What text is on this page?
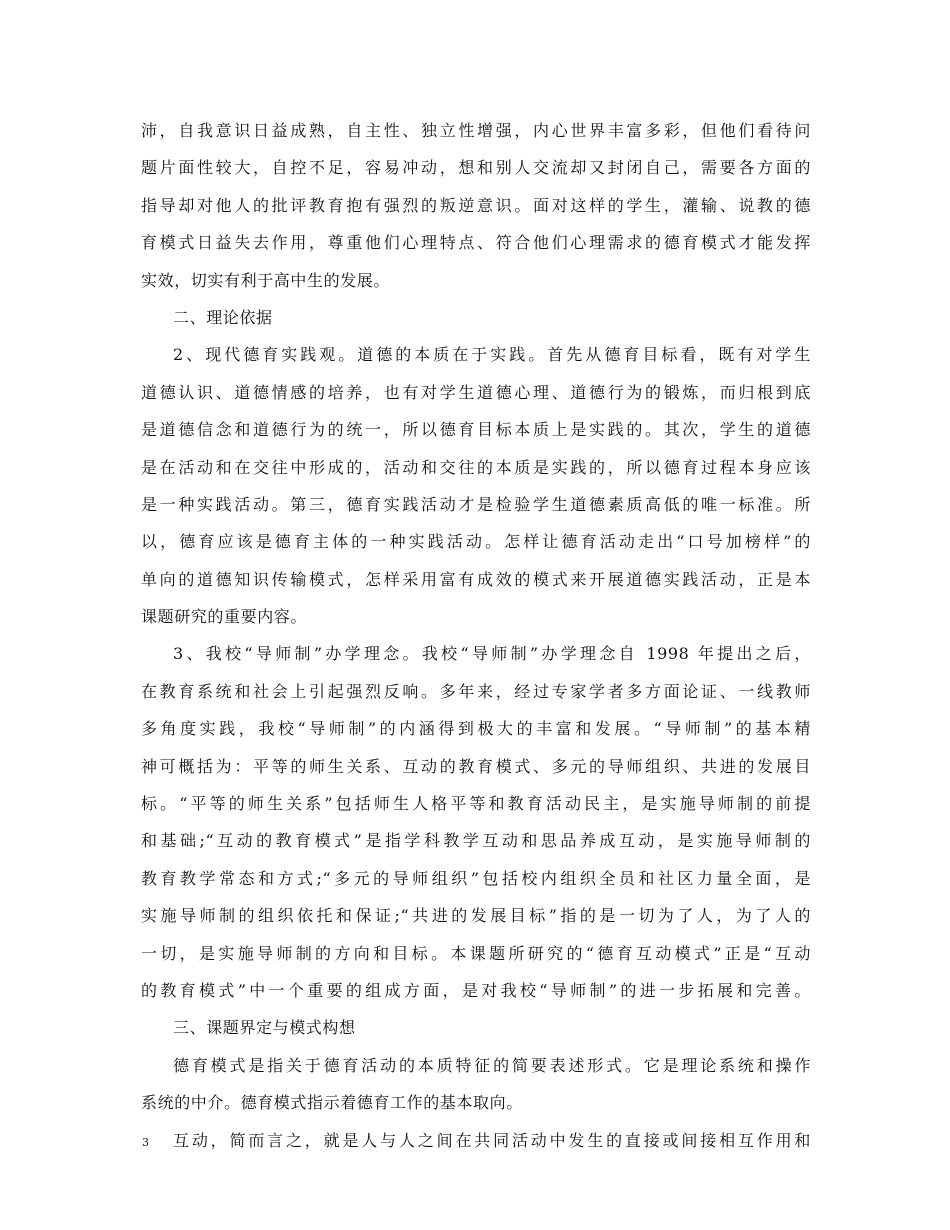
沛，自我意识日益成熟，自主性、独立性增强，内心世界丰富多彩，但他们看待问
题片面性较大，自控不足，容易冲动，想和别人交流却又封闭自己，需要各方面的
指导却对他人的批评教育抱有强烈的叛逆意识。面对这样的学生，灌输、说教的德
育模式日益失去作用，尊重他们心理特点、符合他们心理需求的德育模式才能发挥
实效，切实有利于高中生的发展。
二、理论依据
2、现代德育实践观。道德的本质在于实践。首先从德育目标看，既有对学生
道德认识、道德情感的培养，也有对学生道德心理、道德行为的锻炼，而归根到底
是道德信念和道德行为的统一，所以德育目标本质上是实践的。其次，学生的道德
是在活动和在交往中形成的，活动和交往的本质是实践的，所以德育过程本身应该
是一种实践活动。第三，德育实践活动才是检验学生道德素质高低的唯一标准。所
以，德育应该是德育主体的一种实践活动。怎样让德育活动走出“口号加榜样”的
单向的道德知识传输模式，怎样采用富有成效的模式来开展道德实践活动，正是本
课题研究的重要内容。
3、我校“导师制”办学理念。我校“导师制”办学理念自 1998 年提出之后，
在教育系统和社会上引起强烈反响。多年来，经过专家学者多方面论证、一线教师
多角度实践，我校“导师制”的内涵得到极大的丰富和发展。“导师制”的基本精
神可概括为：平等的师生关系、互动的教育模式、多元的导师组织、共进的发展目
标。“平等的师生关系”包括师生人格平等和教育活动民主，是实施导师制的前提
和基础;“互动的教育模式”是指学科教学互动和思品养成互动，是实施导师制的
教育教学常态和方式;“多元的导师组织”包括校内组织全员和社区力量全面，是
实施导师制的组织依托和保证;“共进的发展目标”指的是一切为了人，为了人的
一切，是实施导师制的方向和目标。本课题所研究的“德育互动模式”正是“互动
的教育模式”中一个重要的组成方面，是对我校“导师制”的进一步拓展和完善。
三、课题界定与模式构想
德育模式是指关于德育活动的本质特征的简要表述形式。它是理论系统和操作
系统的中介。德育模式指示着德育工作的基本取向。
互动，简而言之，就是人与人之间在共同活动中发生的直接或间接相互作用和
3
